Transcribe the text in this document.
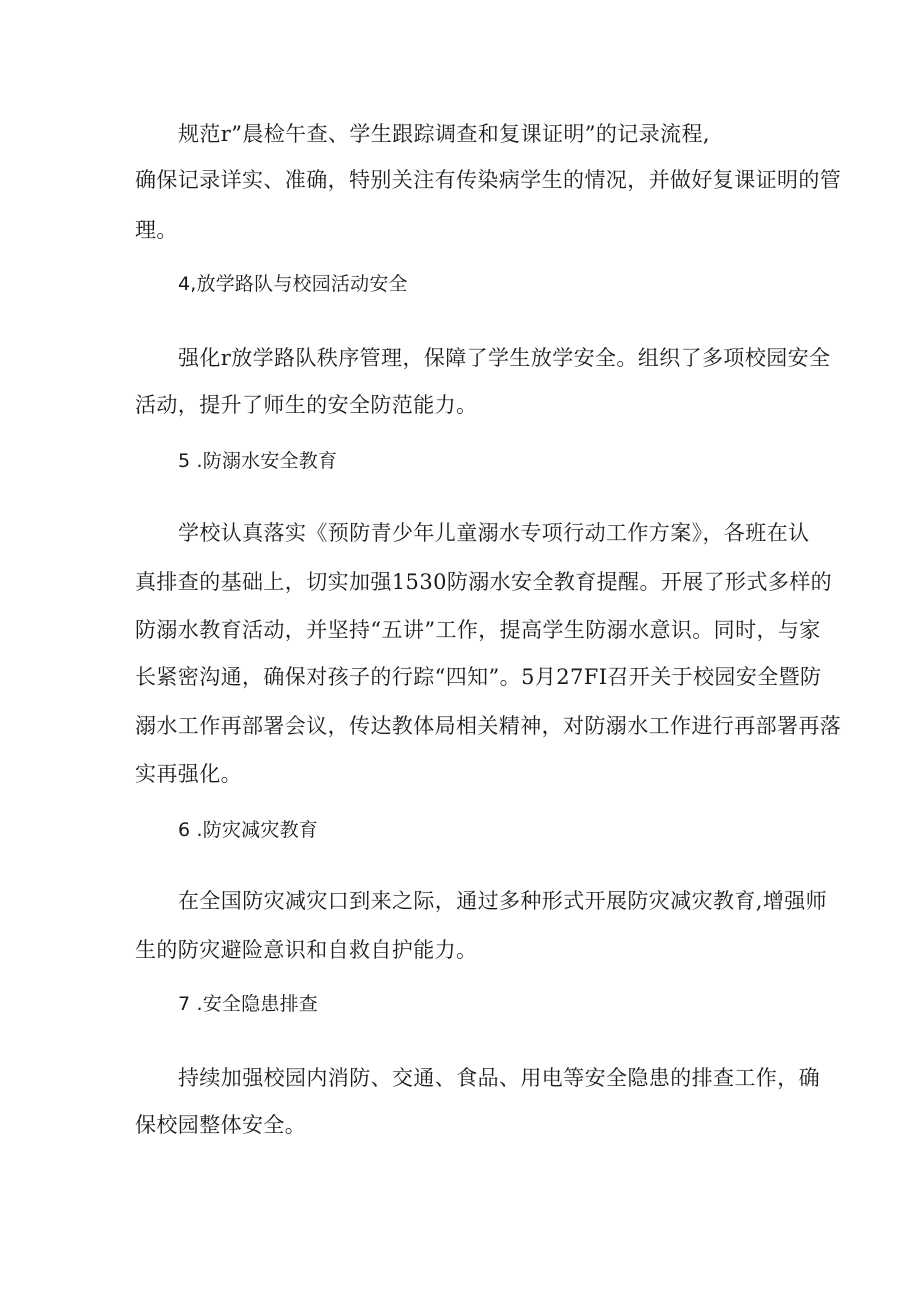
规范r”晨检午查、学生跟踪调查和复课证明”的记录流程,

确保记录详实、准确，特别关注有传染病学生的情况，并做好复课证明的管

理。

4,放学路队与校园活动安全

强化r放学路队秩序管理，保障了学生放学安全。组织了多项校园安全

活动，提升了师生的安全防范能力。

5 .防溺水安全教育

学校认真落实《预防青少年儿童溺水专项行动工作方案》，各班在认

真排查的基础上，切实加强1530防溺水安全教育提醒。开展了形式多样的

防溺水教育活动，并坚持“五讲”工作，提高学生防溺水意识。同时，与家

长紧密沟通，确保对孩子的行踪“四知”。5月27FI召开关于校园安全暨防

溺水工作再部署会议，传达教体局相关精神，对防溺水工作进行再部署再落

实再强化。

6 .防灾减灾教育

在全国防灾减灾口到来之际，通过多种形式开展防灾减灾教育,增强师

生的防灾避险意识和自救自护能力。

7 .安全隐患排查

持续加强校园内消防、交通、食品、用电等安全隐患的排查工作，确

保校园整体安全。
